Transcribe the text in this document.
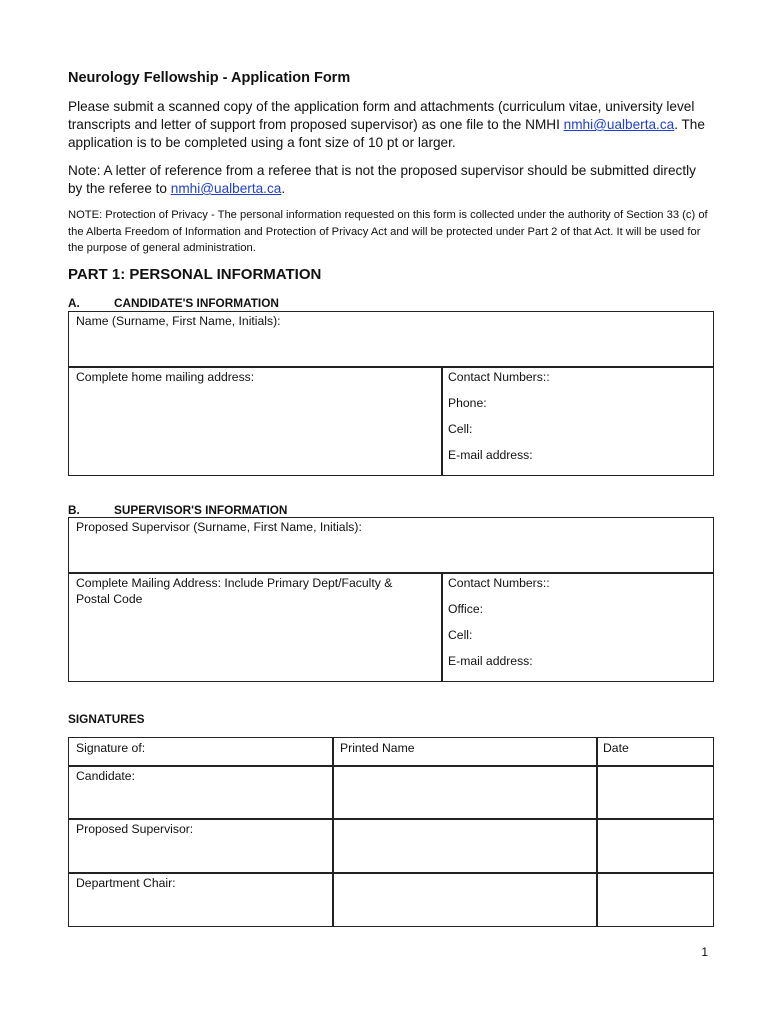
Neurology Fellowship - Application Form
Please submit a scanned copy of the application form and attachments (curriculum vitae, university level transcripts and letter of support from proposed supervisor) as one file to the NMHI nmhi@ualberta.ca. The application is to be completed using a font size of 10 pt or larger.
Note: A letter of reference from a referee that is not the proposed supervisor should be submitted directly by the referee to nmhi@ualberta.ca.
NOTE: Protection of Privacy - The personal information requested on this form is collected under the authority of Section 33 (c) of the Alberta Freedom of Information and Protection of Privacy Act and will be protected under Part 2 of that Act. It will be used for the purpose of general administration.
PART 1: PERSONAL INFORMATION
A.	CANDIDATE'S INFORMATION
Name (Surname, First Name, Initials):
Complete home mailing address:	Contact Numbers::
Phone:
Cell:
E-mail address:
B.	SUPERVISOR'S INFORMATION
Proposed Supervisor (Surname, First Name, Initials):
Complete Mailing Address: Include Primary Dept/Faculty & Postal Code
Contact Numbers::
Office:
Cell:
E-mail address:
SIGNATURES
Signature of:	Printed Name	Date
Candidate:
Proposed Supervisor:
Department Chair:
1
